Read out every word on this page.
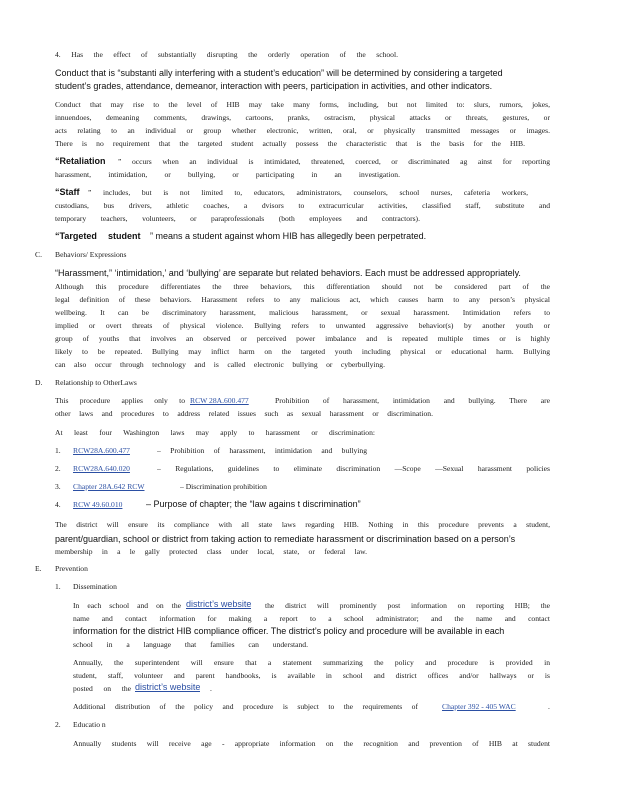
4. Has the effect of substantially disrupting the orderly operation of the school.
Conduct that is “substanti ally interfering with a student’s education” will be determined by considering a targeted
student’s grades, attendance, demeanor, interaction with peers, participation in activities, and other indicators.
Conduct that may rise to the level of HIB may take many forms, including, but not limited to: slurs, rumors, jokes,
innuendoes, demeaning comments, drawings, cartoons, pranks, ostracism, physical attacks or threats, gestures, or
acts relating to an individual or group whether electronic, written, oral, or physically transmitted messages or images.
There is no requirement that the targeted student actually possess the characteristic that is the basis for the HIB.
“Retaliation ” occurs when an individual is intimidated, threatened, coerced, or discriminated ag ainst for reporting
harassment, intimidation, or bullying, or participating in an investigation.
“Staff ” includes, but is not limited to, educators, administrators, counselors, school nurses, cafeteria workers,
custodians, bus drivers, athletic coaches, a dvisors to extracurricular activities, classified staff, substitute and
temporary teachers, volunteers, or paraprofessionals (both employees and contractors).
“Targeted student ” means a student against whom HIB has allegedly been perpetrated.
C. Behaviors/ Expressions
“Harassment,” ‘intimidation,’ and ‘bullying’ are separate but related behaviors. Each must be addressed appropriately.
Although this procedure differentiates the three behaviors, this differentiation should not be considered part of the
legal definition of these behaviors. Harassment refers to any malicious act, which causes harm to any person’s physical
wellbeing. It can be discriminatory harassment, malicious harassment, or sexual harassment. Intimidation refers to
implied or overt threats of physical violence. Bullying refers to unwanted aggressive behavior(s) by another youth or
group of youths that involves an observed or perceived power imbalance and is repeated multiple times or is highly
likely to be repeated. Bullying may inflict harm on the targeted youth including physical or educational harm. Bullying
can also occur through technology and is called electronic bullying or cyberbullying.
D. Relationship to OtherLaws
This procedure applies only to RCW 28A.600.477	Prohibition of harassment, intimidation and bullying. There are
other laws and procedures to address related issues such as sexual harassment or discrimination.
At least four Washington laws may apply to harassment or discrimination:
1. RCW28A.600.477	– Prohibition of harassment, intimidation and bullying
2. RCW28A.640.020	– Regulations, guidelines to eliminate discrimination —Scope —Sexual harassment policies
3. Chapter 28A.642 RCW	– Discrimination prohibition
4. RCW 49.60.010	– Purpose of chapter; the “law agains t discrimination”
The district will ensure its compliance with all state laws regarding HIB. Nothing in this procedure prevents a student,
parent/guardian, school or district from taking action to remediate harassment or discrimination based on a person’s
membership in a le gally protected class under local, state, or federal law.
E. Prevention
1. Dissemination
In each school and on the district’s website the district will prominently post information on reporting HIB; the
name and contact information for making a report to a school administrator; and the name and contact
information for the district HIB compliance officer. The district’s policy and procedure will be available in each
school in a language that families can understand.
Annually, the superintendent will ensure that a statement summarizing the policy and procedure is provided in
student, staff, volunteer and parent handbooks, is available in school and district offices and/or hallways or is
posted on the district’s website .
Additional distribution of the policy and procedure is subject to the requirements of	Chapter 392 - 405 WAC	.
2. Educatio n
Annually students will receive age - appropriate information on the recognition and prevention of HIB at student
